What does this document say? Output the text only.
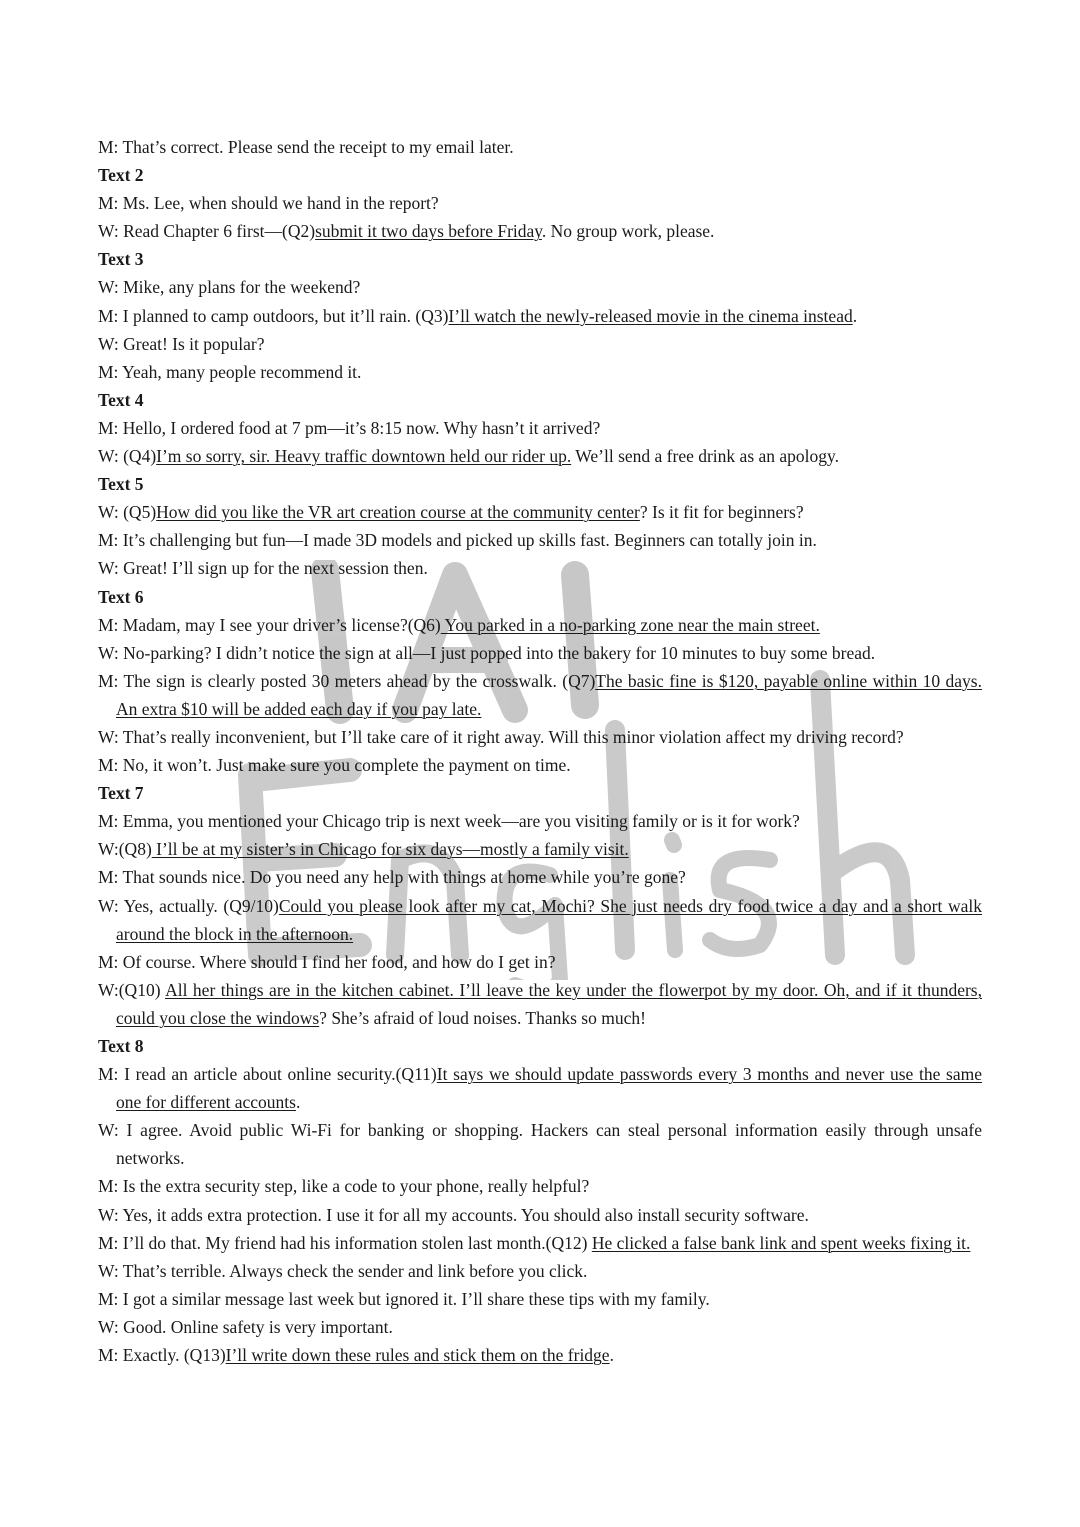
M: That’s correct. Please send the receipt to my email later.

Text 2

M: Ms. Lee, when should we hand in the report?

W: Read Chapter 6 first—(Q2)submit it two days before Friday. No group work, please.

Text 3

W: Mike, any plans for the weekend?

M: I planned to camp outdoors, but it’ll rain. (Q3)I’ll watch the newly-released movie in the cinema instead.

W: Great! Is it popular?

M: Yeah, many people recommend it.

Text 4

M: Hello, I ordered food at 7 pm—it’s 8:15 now. Why hasn’t it arrived?

W: (Q4)I’m so sorry, sir. Heavy traffic downtown held our rider up. We’ll send a free drink as an apology.

Text 5

W: (Q5)How did you like the VR art creation course at the community center? Is it fit for beginners?

M: It’s challenging but fun—I made 3D models and picked up skills fast. Beginners can totally join in.

W: Great! I’ll sign up for the next session then.

Text 6

M: Madam, may I see your driver’s license?(Q6) You parked in a no-parking zone near the main street.

W: No-parking? I didn’t notice the sign at all—I just popped into the bakery for 10 minutes to buy some bread.

M: The sign is clearly posted 30 meters ahead by the crosswalk. (Q7)The basic fine is $120, payable online within 10 days. An extra $10 will be added each day if you pay late.

W: That’s really inconvenient, but I’ll take care of it right away. Will this minor violation affect my driving record?

M: No, it won’t. Just make sure you complete the payment on time.

Text 7

M: Emma, you mentioned your Chicago trip is next week—are you visiting family or is it for work?

W:(Q8) I’ll be at my sister’s in Chicago for six days—mostly a family visit.

M: That sounds nice. Do you need any help with things at home while you’re gone?

W: Yes, actually. (Q9/10)Could you please look after my cat, Mochi? She just needs dry food twice a day and a short walk around the block in the afternoon.

M: Of course. Where should I find her food, and how do I get in?

W:(Q10) All her things are in the kitchen cabinet. I’ll leave the key under the flowerpot by my door. Oh, and if it thunders, could you close the windows? She’s afraid of loud noises. Thanks so much!

Text 8

M: I read an article about online security.(Q11)It says we should update passwords every 3 months and never use the same one for different accounts.

W: I agree. Avoid public Wi-Fi for banking or shopping. Hackers can steal personal information easily through unsafe networks.

M: Is the extra security step, like a code to your phone, really helpful?

W: Yes, it adds extra protection. I use it for all my accounts. You should also install security software.

M: I’ll do that. My friend had his information stolen last month.(Q12) He clicked a false bank link and spent weeks fixing it.

W: That’s terrible. Always check the sender and link before you click.

M: I got a similar message last week but ignored it. I’ll share these tips with my family.

W: Good. Online safety is very important.

M: Exactly. (Q13)I’ll write down these rules and stick them on the fridge.
